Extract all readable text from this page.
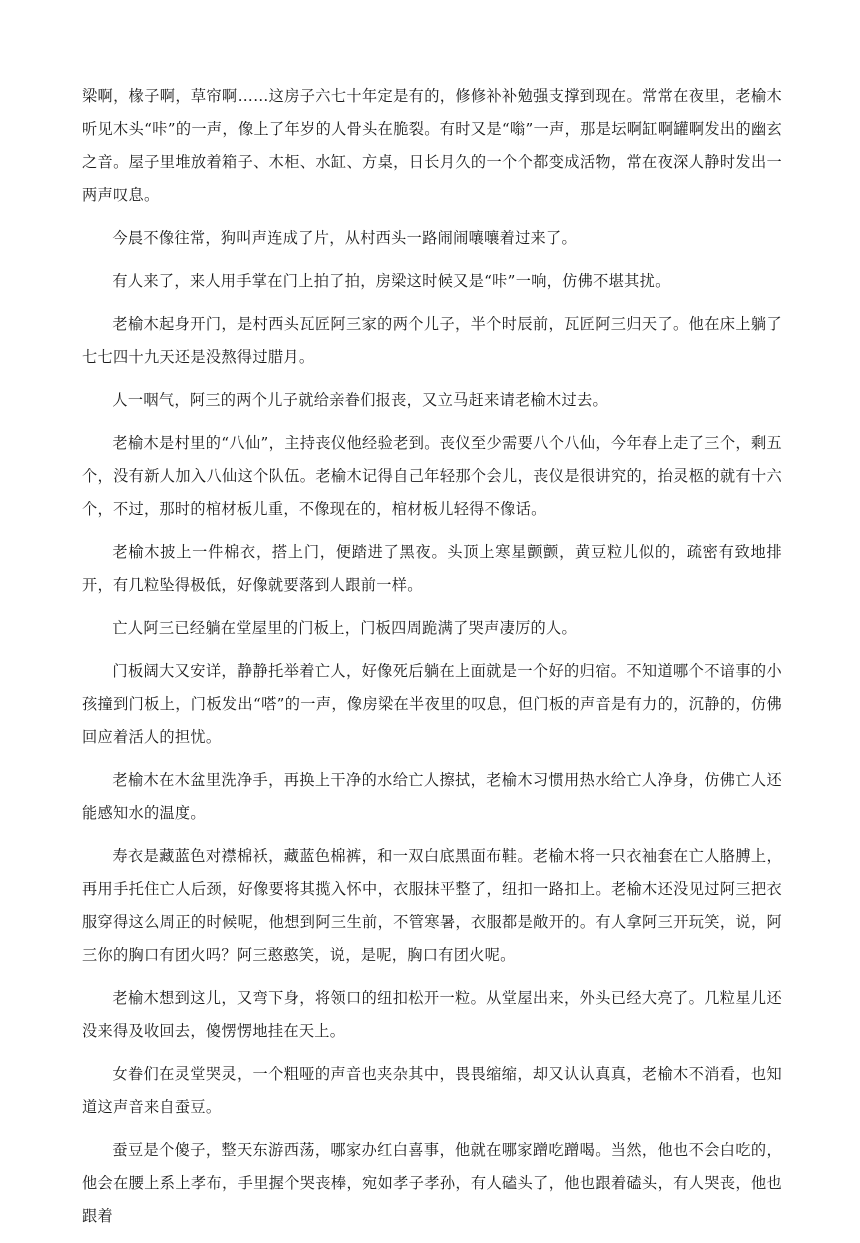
梁啊，椽子啊，草帘啊……这房子六七十年定是有的，修修补补勉强支撑到现在。常常在夜里，老榆木听见木头“咔”的一声，像上了年岁的人骨头在脆裂。有时又是“嗡”一声，那是坛啊缸啊罐啊发出的幽玄之音。屋子里堆放着箱子、木柜、水缸、方桌，日长月久的一个个都变成活物，常在夜深人静时发出一两声叹息。

今晨不像往常，狗叫声连成了片，从村西头一路闹闹嚷嚷着过来了。

有人来了，来人用手掌在门上拍了拍，房梁这时候又是“咔”一响，仿佛不堪其扰。

老榆木起身开门，是村西头瓦匠阿三家的两个儿子，半个时辰前，瓦匠阿三归天了。他在床上躺了七七四十九天还是没熬得过腊月。

人一咽气，阿三的两个儿子就给亲眷们报丧，又立马赶来请老榆木过去。

老榆木是村里的“八仙”，主持丧仪他经验老到。丧仪至少需要八个八仙，今年春上走了三个，剩五个，没有新人加入八仙这个队伍。老榆木记得自己年轻那个会儿，丧仪是很讲究的，抬灵柩的就有十六个，不过，那时的棺材板儿重，不像现在的，棺材板儿轻得不像话。

老榆木披上一件棉衣，搭上门，便踏进了黑夜。头顶上寒星颤颤，黄豆粒儿似的，疏密有致地排开，有几粒坠得极低，好像就要落到人跟前一样。

亡人阿三已经躺在堂屋里的门板上，门板四周跪满了哭声凄厉的人。

门板阔大又安详，静静托举着亡人，好像死后躺在上面就是一个好的归宿。不知道哪个不谙事的小孩撞到门板上，门板发出“嗒”的一声，像房梁在半夜里的叹息，但门板的声音是有力的，沉静的，仿佛回应着活人的担忧。

老榆木在木盆里洗净手，再换上干净的水给亡人擦拭，老榆木习惯用热水给亡人净身，仿佛亡人还能感知水的温度。

寿衣是藏蓝色对襟棉袄，藏蓝色棉裤，和一双白底黑面布鞋。老榆木将一只衣袖套在亡人胳膊上，再用手托住亡人后颈，好像要将其揽入怀中，衣服抹平整了，纽扣一路扣上。老榆木还没见过阿三把衣服穿得这么周正的时候呢，他想到阿三生前，不管寒暑，衣服都是敞开的。有人拿阿三开玩笑，说，阿三你的胸口有团火吗？阿三憨憨笑，说，是呢，胸口有团火呢。

老榆木想到这儿，又弯下身，将领口的纽扣松开一粒。从堂屋出来，外头已经大亮了。几粒星儿还没来得及收回去，傻愣愣地挂在天上。

女眷们在灵堂哭灵，一个粗哑的声音也夹杂其中，畏畏缩缩，却又认认真真，老榆木不消看，也知道这声音来自蚕豆。

蚕豆是个傻子，整天东游西荡，哪家办红白喜事，他就在哪家蹭吃蹭喝。当然，他也不会白吃的，他会在腰上系上孝布，手里握个哭丧棒，宛如孝子孝孙，有人磕头了，他也跟着磕头，有人哭丧，他也跟着
